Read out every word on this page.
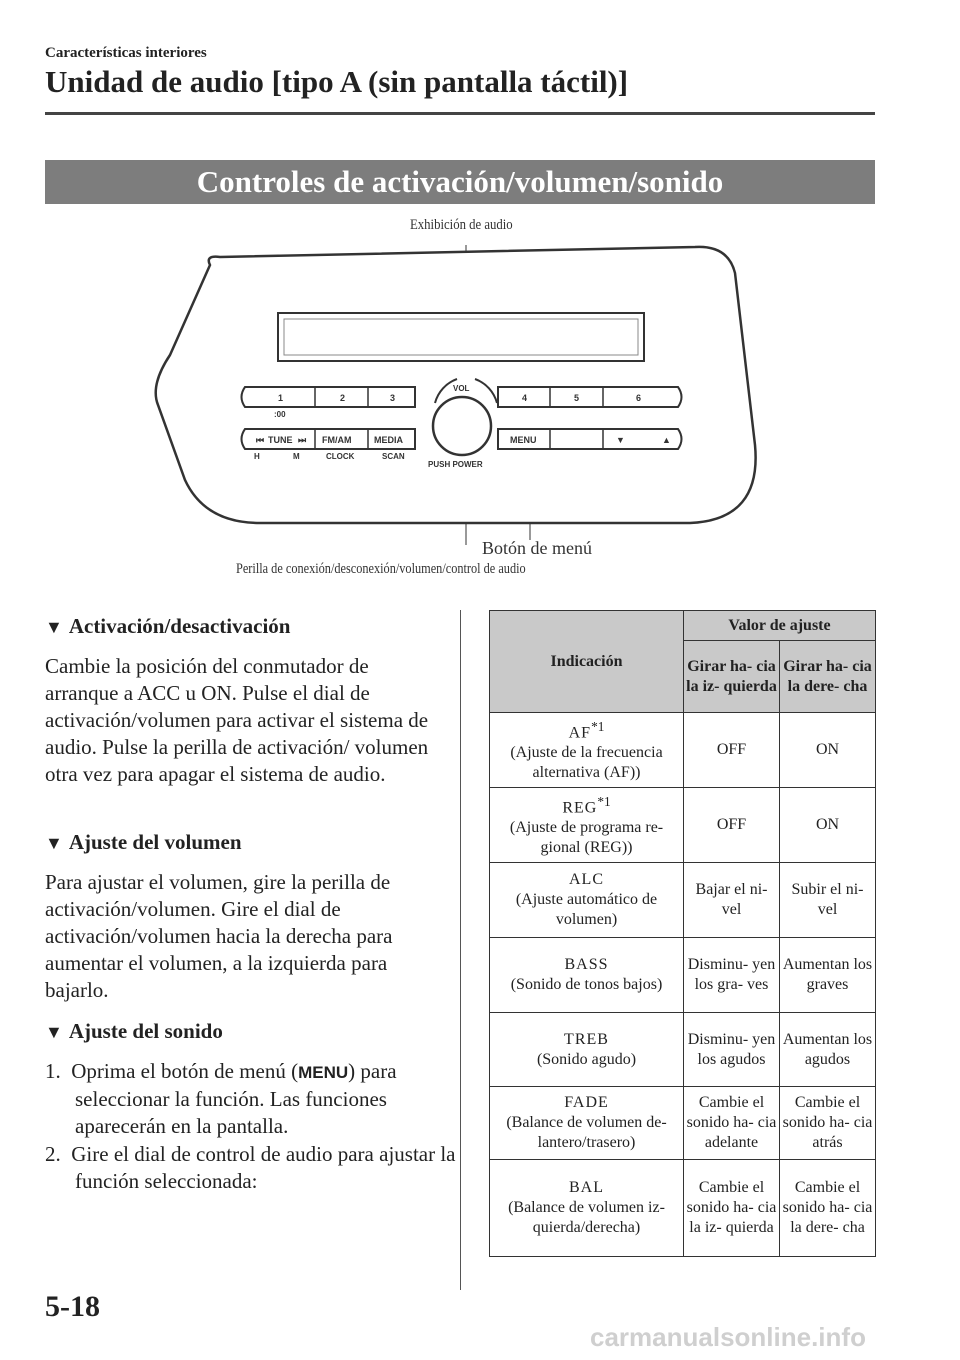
Características interiores
Unidad de audio [tipo A (sin pantalla táctil)]
Controles de activación/volumen/sonido
Exhibición de audio
Botón de menú
Perilla de conexión/desconexión/volumen/control de audio
1	2	3
:00
4	5	6
⏮ TUNE ⏭ FM/AM	MEDIA
H	M	CLOCK	SCAN
MENU	▼	▲
VOL
PUSH POWER
▼ Activación/desactivación

Cambie la posición del conmutador de arranque a ACC u ON. Pulse el dial de activación/volumen para activar el sistema de audio. Pulse la perilla de activación/ volumen otra vez para apagar el sistema de audio.

▼ Ajuste del volumen

Para ajustar el volumen, gire la perilla de activación/volumen. Gire el dial de activación/volumen hacia la derecha para aumentar el volumen, a la izquierda para bajarlo.

▼ Ajuste del sonido

1. Oprima el botón de menú (MENU) para seleccionar la función. Las funciones aparecerán en la pantalla.

2. Gire el dial de control de audio para ajustar la función seleccionada:

Indicación	Valor de ajuste	
	Girar ha- cia la iz- quierda	Girar ha- cia la dere- cha
AF$^{*1}$
(Ajuste de la frecuencia alternativa (AF))	OFF	ON
REG$^{*1}$
(Ajuste de programa re- gional (REG))	OFF	ON
ALC
(Ajuste automático de volumen)	Bajar el ni- vel	Subir el ni- vel
BASS
(Sonido de tonos bajos)	Disminu- yen los gra- ves	Aumentan los graves
TREB
(Sonido agudo)	Disminu- yen los agudos	Aumentan los agudos
FADE
(Balance de volumen de- lantero/trasero)	Cambie el sonido ha- cia adelante	Cambie el sonido ha- cia atrás
BAL
(Balance de volumen iz- quierda/derecha)	Cambie el sonido ha- cia la iz- quierda	Cambie el sonido ha- cia la dere- cha
5-18
carmanualsonline.info
